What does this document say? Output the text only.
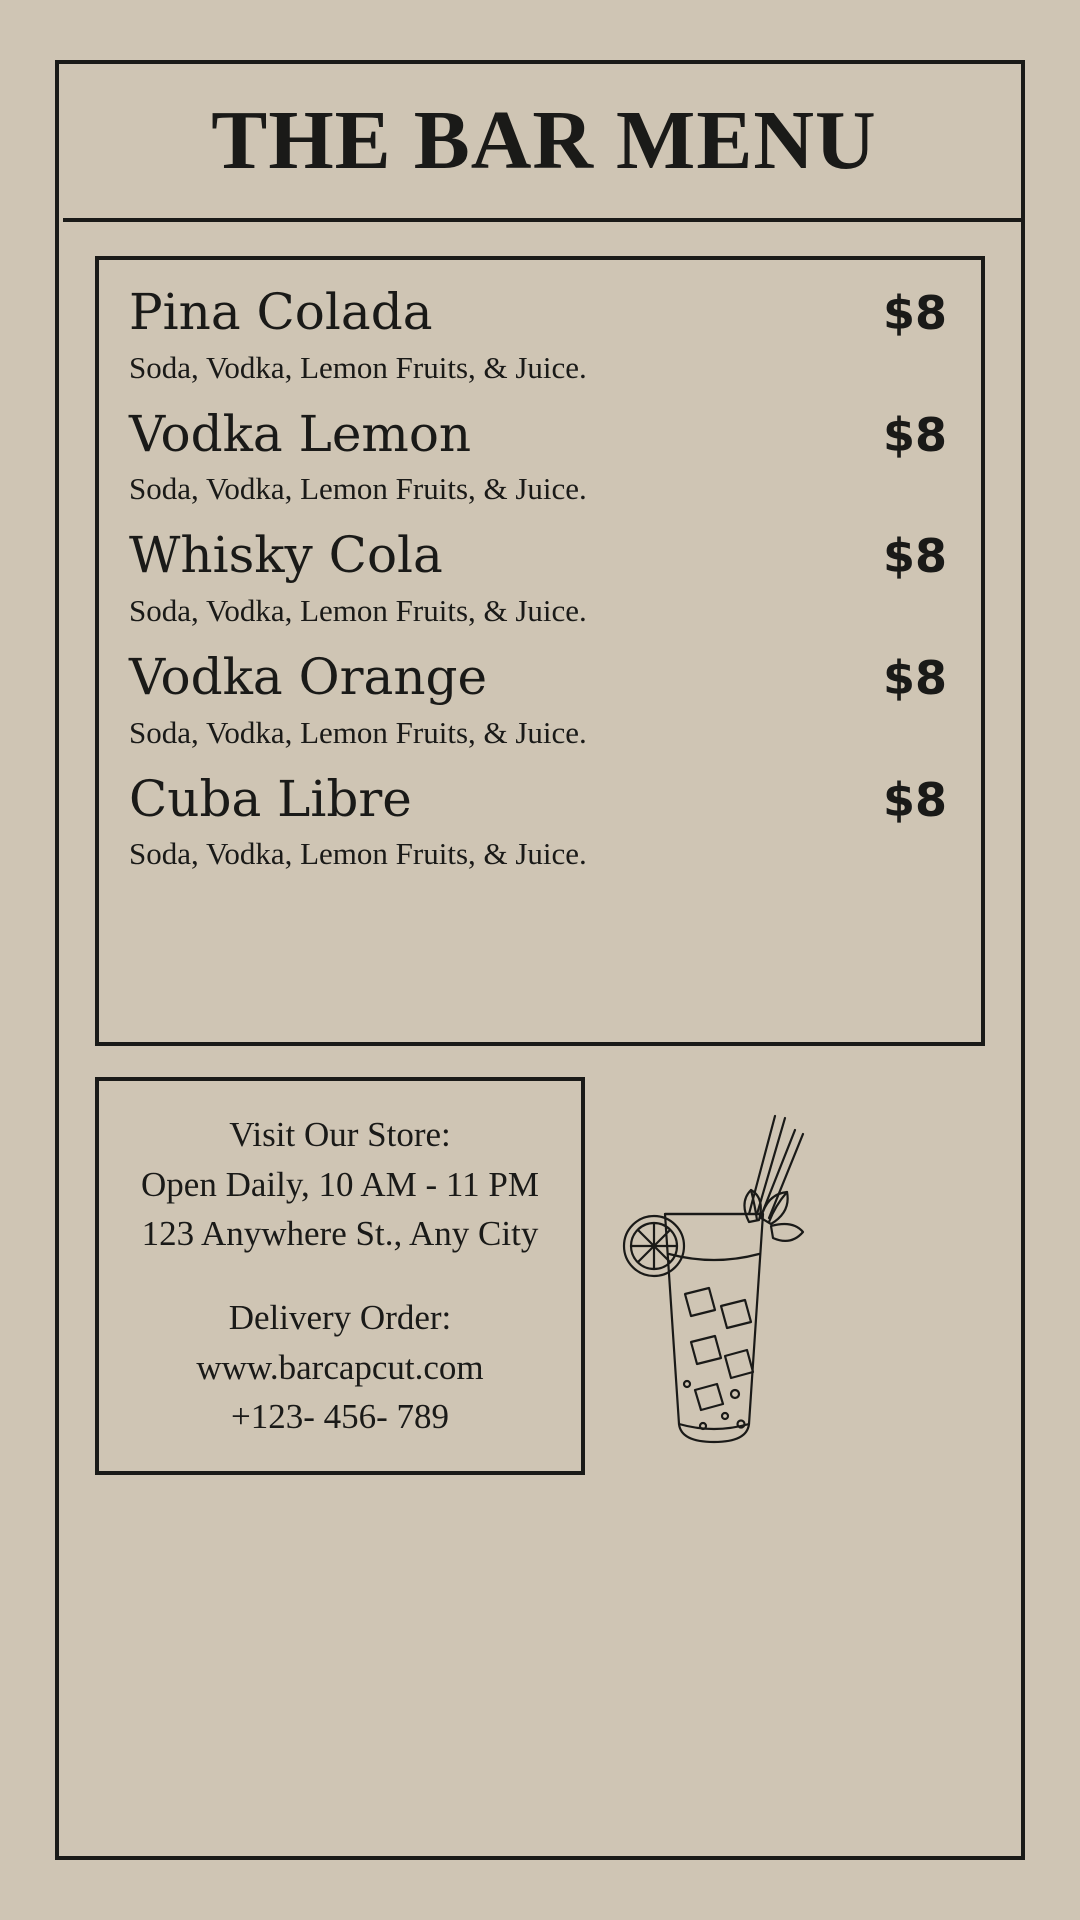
THE BAR MENU
Pina Colada	$8
Soda, Vodka, Lemon Fruits, & Juice.
Vodka Lemon	$8
Soda, Vodka, Lemon Fruits, & Juice.
Whisky Cola	$8
Soda, Vodka, Lemon Fruits, & Juice.
Vodka Orange	$8
Soda, Vodka, Lemon Fruits, & Juice.
Cuba Libre	$8
Soda, Vodka, Lemon Fruits, & Juice.
Visit Our Store:
Open Daily, 10 AM - 11 PM
123 Anywhere St., Any City
Delivery Order:
www.barcapcut.com
+123- 456- 789
